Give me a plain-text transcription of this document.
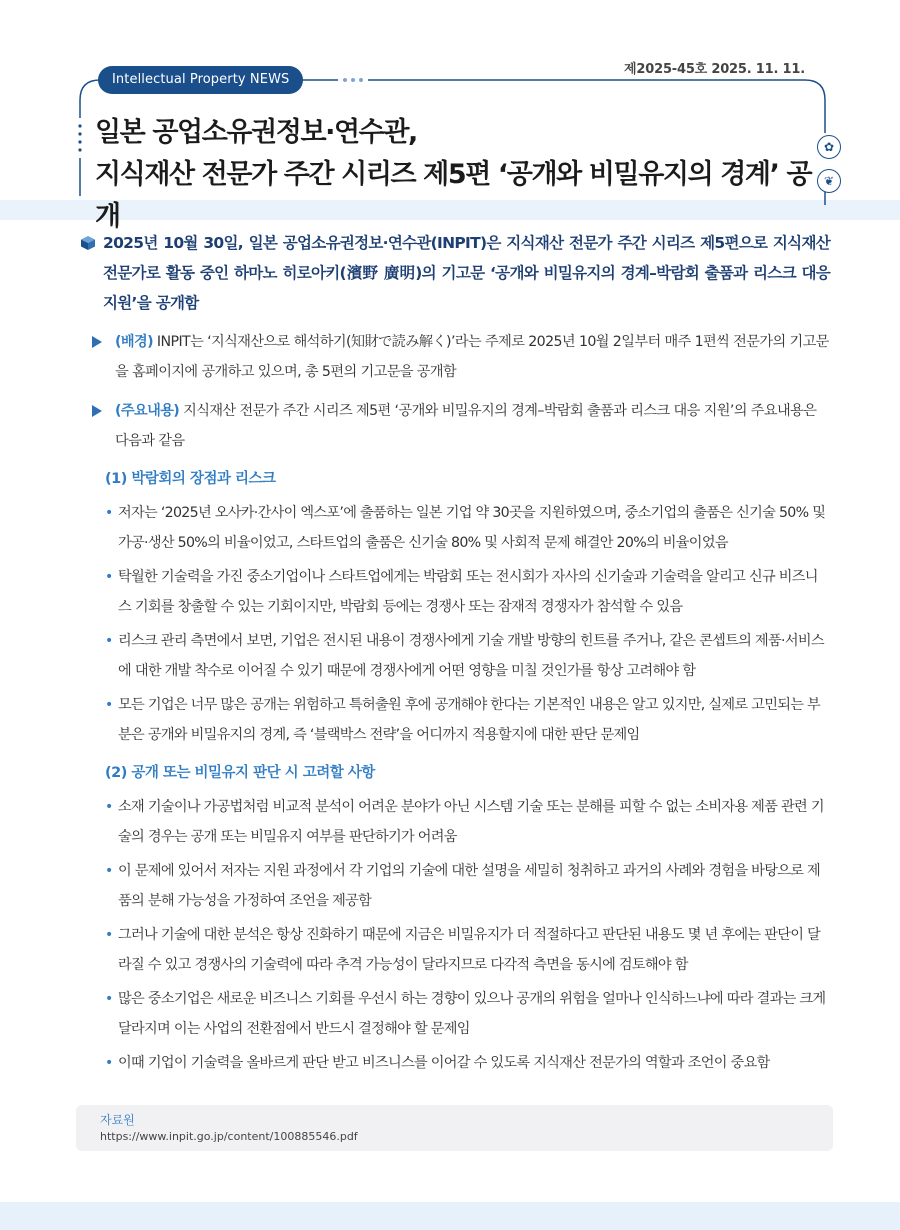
제2025-45호 2025. 11. 11.
Intellectual Property NEWS
일본 공업소유권정보·연수관,
지식재산 전문가 주간 시리즈 제5편 ‘공개와 비밀유지의 경계’ 공개
✿
❦
2025년 10월 30일, 일본 공업소유권정보·연수관(INPIT)은 지식재산 전문가 주간 시리즈 제5편으로 지식재산 전문가로 활동 중인 하마노 히로아키(濱野 廣明)의 기고문 ‘공개와 비밀유지의 경계–박람회 출품과 리스크 대응 지원’을 공개함
(배경) INPIT는 ‘지식재산으로 해석하기(知財で読み解く)’라는 주제로 2025년 10월 2일부터 매주 1편씩 전문가의 기고문을 홈페이지에 공개하고 있으며, 총 5편의 기고문을 공개함
(주요내용) 지식재산 전문가 주간 시리즈 제5편 ‘공개와 비밀유지의 경계–박람회 출품과 리스크 대응 지원’의 주요내용은 다음과 같음
(1) 박람회의 장점과 리스크
• 저자는 ‘2025년 오사카·간사이 엑스포’에 출품하는 일본 기업 약 30곳을 지원하였으며, 중소기업의 출품은 신기술 50% 및 가공·생산 50%의 비율이었고, 스타트업의 출품은 신기술 80% 및 사회적 문제 해결안 20%의 비율이었음
• 탁월한 기술력을 가진 중소기업이나 스타트업에게는 박람회 또는 전시회가 자사의 신기술과 기술력을 알리고 신규 비즈니스 기회를 창출할 수 있는 기회이지만, 박람회 등에는 경쟁사 또는 잠재적 경쟁자가 참석할 수 있음
• 리스크 관리 측면에서 보면, 기업은 전시된 내용이 경쟁사에게 기술 개발 방향의 힌트를 주거나, 같은 콘셉트의 제품·서비스에 대한 개발 착수로 이어질 수 있기 때문에 경쟁사에게 어떤 영향을 미칠 것인가를 항상 고려해야 함
• 모든 기업은 너무 많은 공개는 위험하고 특허출원 후에 공개해야 한다는 기본적인 내용은 알고 있지만, 실제로 고민되는 부분은 공개와 비밀유지의 경계, 즉 ‘블랙박스 전략’을 어디까지 적용할지에 대한 판단 문제임
(2) 공개 또는 비밀유지 판단 시 고려할 사항
• 소재 기술이나 가공법처럼 비교적 분석이 어려운 분야가 아닌 시스템 기술 또는 분해를 피할 수 없는 소비자용 제품 관련 기술의 경우는 공개 또는 비밀유지 여부를 판단하기가 어려움
• 이 문제에 있어서 저자는 지원 과정에서 각 기업의 기술에 대한 설명을 세밀히 청취하고 과거의 사례와 경험을 바탕으로 제품의 분해 가능성을 가정하여 조언을 제공함
• 그러나 기술에 대한 분석은 항상 진화하기 때문에 지금은 비밀유지가 더 적절하다고 판단된 내용도 몇 년 후에는 판단이 달라질 수 있고 경쟁사의 기술력에 따라 추격 가능성이 달라지므로 다각적 측면을 동시에 검토해야 함
• 많은 중소기업은 새로운 비즈니스 기회를 우선시 하는 경향이 있으나 공개의 위험을 얼마나 인식하느냐에 따라 결과는 크게 달라지며 이는 사업의 전환점에서 반드시 결정해야 할 문제임
• 이때 기업이 기술력을 올바르게 판단 받고 비즈니스를 이어갈 수 있도록 지식재산 전문가의 역할과 조언이 중요함
자료원
https://www.inpit.go.jp/content/100885546.pdf
